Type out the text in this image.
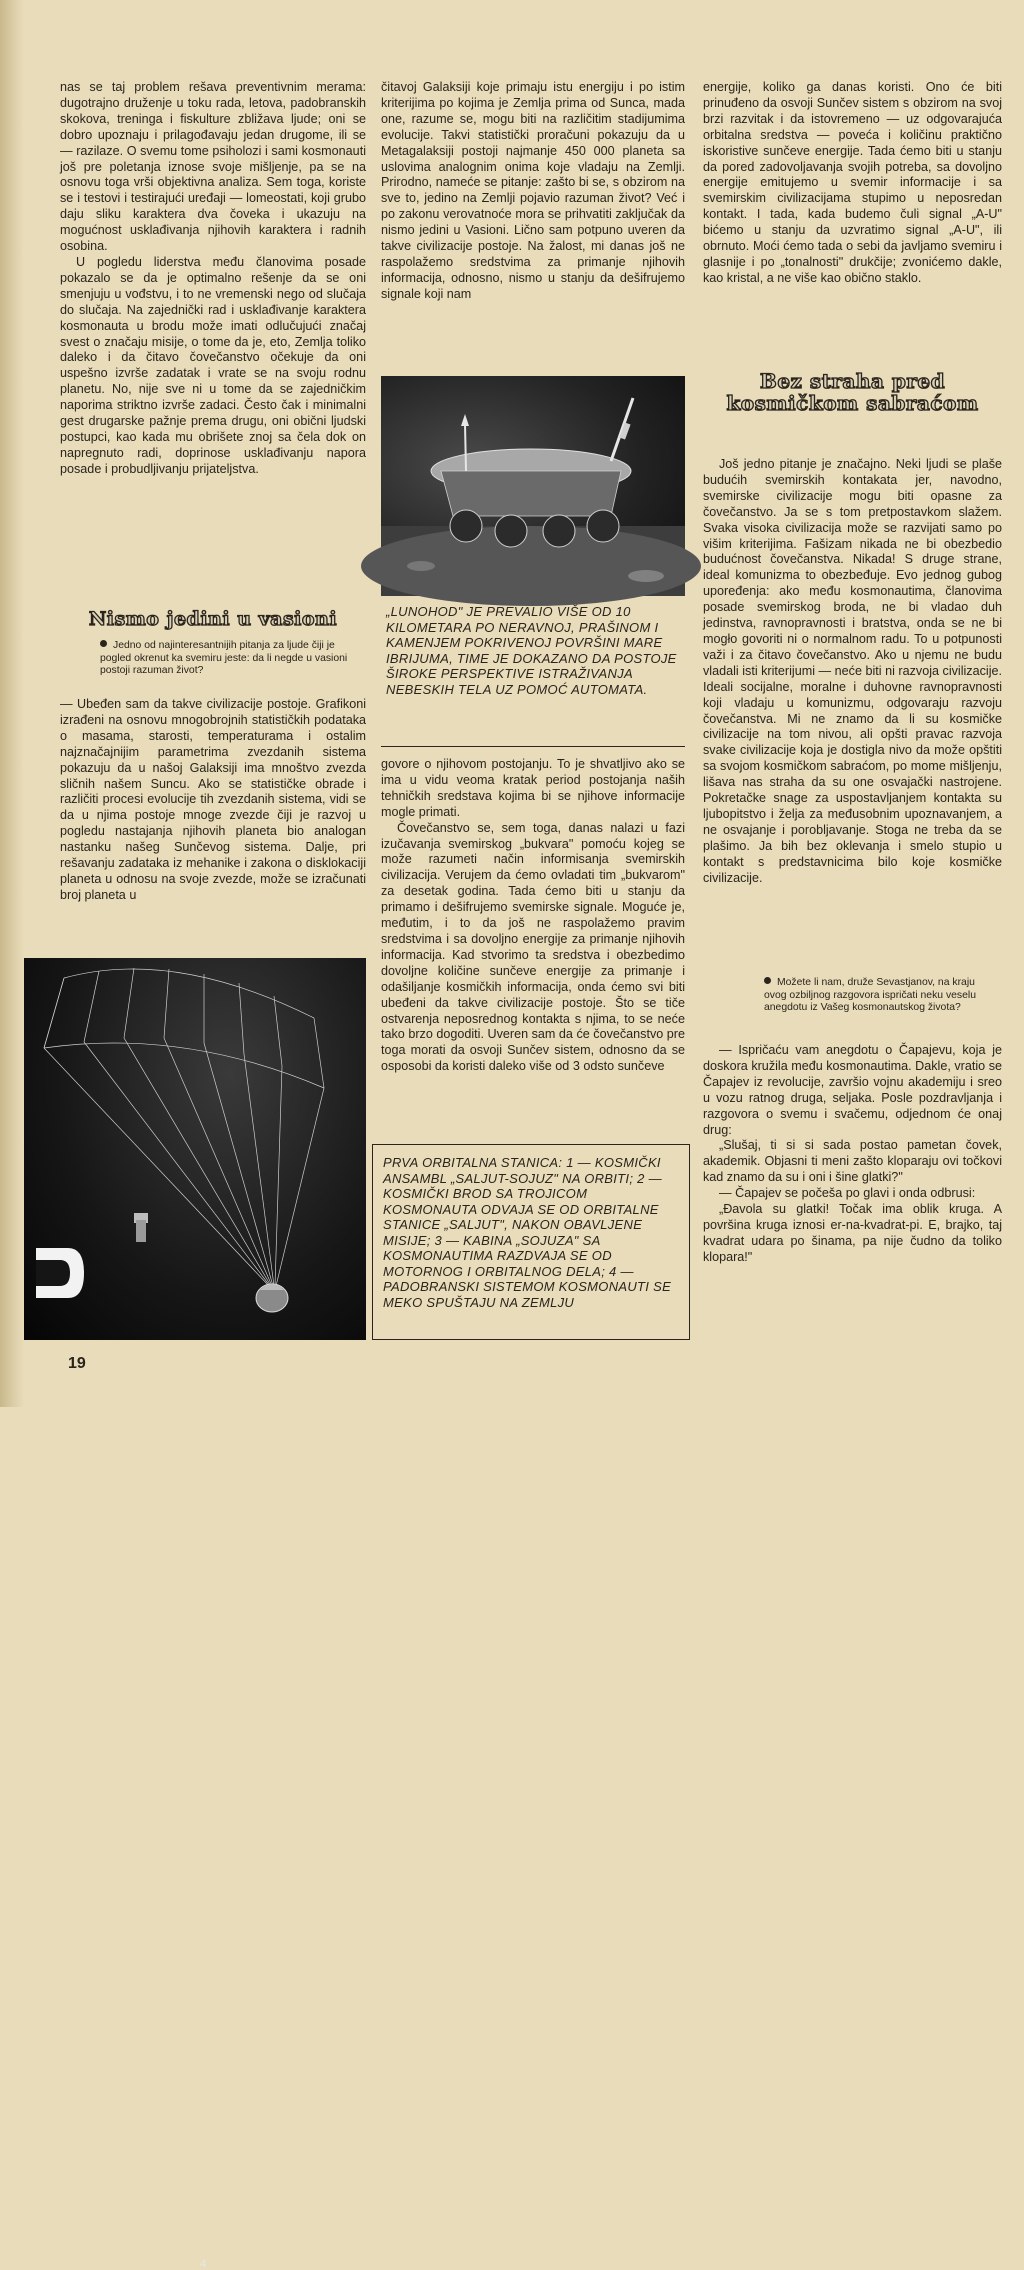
nas se taj problem rešava preventivnim merama: dugotrajno druženje u toku rada, letova, padobranskih skokova, treninga i fiskulture zbližava ljude; oni se dobro upoznaju i prilagođavaju jedan drugome, ili se — razilaze. O svemu tome psiholozi i sami kosmonauti još pre poletanja iznose svoje mišljenje, pa se na osnovu toga vrši objektivna analiza. Sem toga, koriste se i testovi i testirajući uređaji — lomeostati, koji grubo daju sliku karaktera dva čoveka i ukazuju na mogućnost usklađivanja njihovih karaktera i radnih osobina.

U pogledu liderstva među članovima posade pokazalo se da je optimalno rešenje da se oni smenjuju u vođstvu, i to ne vremenski nego od slučaja do slučaja. Na zajednički rad i usklađivanje karaktera kosmonauta u brodu može imati odlučujući značaj svest o značaju misije, o tome da je, eto, Zemlja toliko daleko i da čitavo čovečanstvo očekuje da oni uspešno izvrše zadatak i vrate se na svoju rodnu planetu. No, nije sve ni u tome da se zajedničkim naporima striktno izvrše zadaci. Često čak i minimalni gest drugarske pažnje prema drugu, oni obični ljudski postupci, kao kada mu obrišete znoj sa čela dok on napregnuto radi, doprinose usklađivanju napora posade i probudljivanju prijateljstva.

Nismo jedini u vasioni
Jedno od najinteresantnijih pitanja za ljude čiji je pogled okrenut ka svemiru jeste: da li negde u vasioni postoji razuman život?

— Ubeđen sam da takve civilizacije postoje. Grafikoni izrađeni na osnovu mnogobrojnih statističkih podataka o masama, starosti, temperaturama i ostalim najznačajnijim parametrima zvezdanih sistema pokazuju da u našoj Galaksiji ima mnoštvo zvezda sličnih našem Suncu. Ako se statističke obrade i različiti procesi evolucije tih zvezdanih sistema, vidi se da u njima postoje mnoge zvezde čiji je razvoj u pogledu nastajanja njihovih planeta bio analogan nastanku našeg Sunčevog sistema. Dalje, pri rešavanju zadataka iz mehanike i zakona o disklokaciji planeta u odnosu na svoje zvezde, može se izračunati broj planeta u

4

čitavoj Galaksiji koje primaju istu energiju i po istim kriterijima po kojima je Zemlja prima od Sunca, mada one, razume se, mogu biti na različitim stadijumima evolucije. Takvi statistički proračuni pokazuju da u Metagalaksiji postoji najmanje 450 000 planeta sa uslovima analognim onima koje vladaju na Zemlji. Prirodno, nameće se pitanje: zašto bi se, s obzirom na sve to, jedino na Zemlji pojavio razuman život? Već i po zakonu verovatnoće mora se prihvatiti zaključak da nismo jedini u Vasioni. Lično sam potpuno uveren da takve civilizacije postoje. Na žalost, mi danas još ne raspolažemo sredstvima za primanje njihovih informacija, odnosno, nismo u stanju da dešifrujemo signale koji nam

„LUNOHOD" JE PREVALIO VIŠE OD 10 KILOMETARA PO NERAVNOJ, PRAŠINOM I KAMENJEM POKRIVENOJ POVRŠINI MARE IBRIJUMA, TIME JE DOKAZANO DA POSTOJE ŠIROKE PERSPEKTIVE ISTRAŽIVANJA NEBESKIH TELA UZ POMOĆ AUTOMATA.

govore o njihovom postojanju. To je shvatljivo ako se ima u vidu veoma kratak period postojanja naših tehničkih sredstava kojima bi se njihove informacije mogle primati.

Čovečanstvo se, sem toga, danas nalazi u fazi izučavanja svemirskog „bukvara" pomoću kojeg se može razumeti način informisanja svemirskih civilizacija. Verujem da ćemo ovladati tim „bukvarom" za desetak godina. Tada ćemo biti u stanju da primamo i dešifrujemo svemirske signale. Moguće je, međutim, i to da još ne raspolažemo pravim sredstvima i sa dovoljno energije za primanje njihovih informacija. Kad stvorimo ta sredstva i obezbedimo dovoljne količine sunčeve energije za primanje i odašiljanje kosmičkih informacija, onda ćemo svi biti ubeđeni da takve civilizacije postoje. Što se tiče ostvarenja neposrednog kontakta s njima, to se neće tako brzo dogoditi. Uveren sam da će čovečanstvo pre toga morati da osvoji Sunčev sistem, odnosno da se osposobi da koristi daleko više od 3 odsto sunčeve

PRVA ORBITALNA STANICA: 1 — KOSMIČKI ANSAMBL „SALJUT-SOJUZ" NA ORBITI; 2 — KOSMIČKI BROD SA TROJICOM KOSMONAUTA ODVAJA SE OD ORBITALNE STANICE „SALJUT", NAKON OBAVLJENE MISIJE; 3 — KABINA „SOJUZA" SA KOSMONAUTIMA RAZDVAJA SE OD MOTORNOG I ORBITALNOG DELA; 4 — PADOBRANSKI SISTEMOM KOSMONAUTI SE MEKO SPUŠTAJU NA ZEMLJU

energije, koliko ga danas koristi. Ono će biti prinuđeno da osvoji Sunčev sistem s obzirom na svoj brzi razvitak i da istovremeno — uz odgovarajuća orbitalna sredstva — poveća i količinu praktično iskoristive sunčeve energije. Tada ćemo biti u stanju da pored zadovoljavanja svojih potreba, sa dovoljno energije emitujemo u svemir informacije i sa svemirskim civilizacijama stupimo u neposredan kontakt. I tada, kada budemo čuli signal „A-U" bićemo u stanju da uzvratimo signal „A-U", ili obrnuto. Moći ćemo tada o sebi da javljamo svemiru i glasnije i po „tonalnosti" drukčije; zvonićemo dakle, kao kristal, a ne više kao obično staklo.

Bez straha pred kosmičkom sabraćom

Još jedno pitanje je značajno. Neki ljudi se plaše budućih svemirskih kontakata jer, navodno, svemirske civilizacije mogu biti opasne za čovečanstvo. Ja se s tom pretpostavkom slažem. Svaka visoka civilizacija može se razvijati samo po višim kriterijima. Fašizam nikada ne bi obezbedio budućnost čovečanstva. Nikada! S druge strane, ideal komunizma to obezbeđuje. Evo jednog gubog upoređenja: ako među kosmonautima, članovima posade svemirskog broda, ne bi vladao duh jedinstva, ravnopravnosti i bratstva, onda se ne bi mogło govoriti ni o normalnom radu. To u potpunosti važi i za čitavo čovečanstvo. Ako u njemu ne budu vladali isti kriterijumi — neće biti ni razvoja civilizacije. Ideali socijalne, moralne i duhovne ravnopravnosti koji vladaju u komunizmu, odgovaraju razvoju čovečanstva. Mi ne znamo da li su kosmičke civilizacije na tom nivou, ali opšti pravac razvoja svake civilizacije koja je dostigla nivo da može opštiti sa svojom kosmičkom sabraćom, po mome mišljenju, lišava nas straha da su one osvajački nastrojene. Pokretačke snage za uspostavljanjem kontakta su ljubopitstvo i želja za međusobnim upoznavanjem, a ne osvajanje i porobljavanje. Stoga ne treba da se plašimo. Ja bih bez oklevanja i smelo stupio u kontakt s predstavnicima bilo koje kosmičke civilizacije.

Možete li nam, druže Sevastjanov, na kraju ovog ozbiljnog razgovora ispričati neku veselu anegdotu iz Vašeg kosmonautskog života?

— Ispričaću vam anegdotu o Čapajevu, koja je doskora kružila među kosmonautima. Dakle, vratio se Čapajev iz revolucije, završio vojnu akademiju i sreo u vozu ratnog druga, seljaka. Posle pozdravljanja i razgovora o svemu i svačemu, odjednom će onaj drug:

„Slušaj, ti si si sada postao pametan čovek, akademik. Objasni ti meni zašto kloparaju ovi točkovi kad znamo da su i oni i šine glatki?"

— Čapajev se počeša po glavi i onda odbrusi:

„Đavola su glatki! Točak ima oblik kruga. A površina kruga iznosi er-na-kvadrat-pi. E, brajko, taj kvadrat udara po šinama, pa nije čudno da toliko klopara!"

19
